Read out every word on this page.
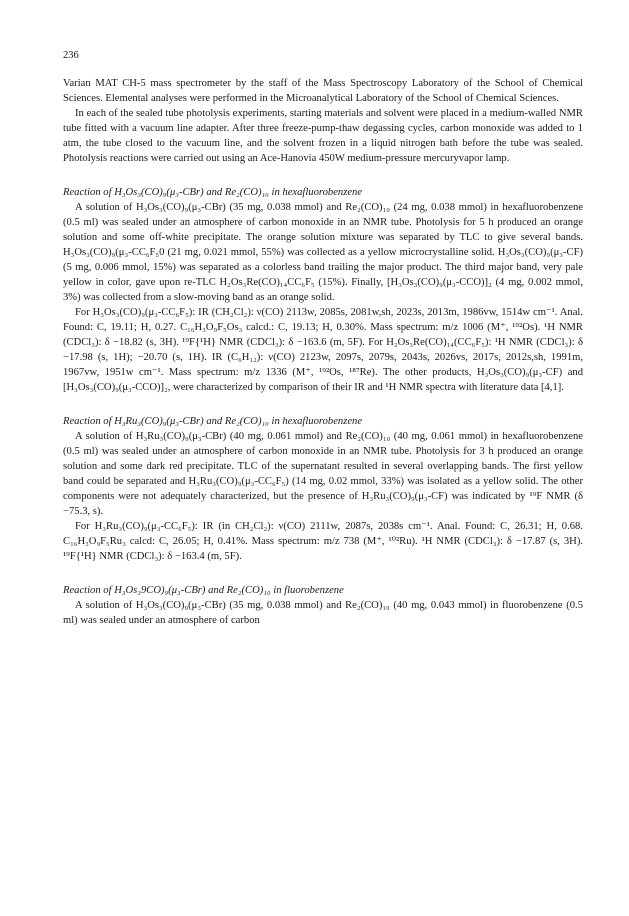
236

Varian MAT CH-5 mass spectrometer by the staff of the Mass Spectroscopy Laboratory of the School of Chemical Sciences. Elemental analyses were performed in the Microanalytical Laboratory of the School of Chemical Sciences.

In each of the sealed tube photolysis experiments, starting materials and solvent were placed in a medium-walled NMR tube fitted with a vacuum line adapter. After three freeze-pump-thaw degassing cycles, carbon monoxide was added to 1 atm, the tube closed to the vacuum line, and the solvent frozen in a liquid nitrogen bath before the tube was sealed. Photolysis reactions were carried out using an Ace-Hanovia 450W medium-pressure mercuryvapor lamp.

Reaction of H₃Os₃(CO)₉(μ₃-CBr) and Re₂(CO)₁₀ in hexafluorobenzene

A solution of H₃Os₃(CO)₉(μ₃-CBr) (35 mg, 0.038 mmol) and Re₂(CO)₁₀ (24 mg, 0.038 mmol) in hexafluorobenzene (0.5 ml) was sealed under an atmosphere of carbon monoxide in an NMR tube. Photolysis for 5 h produced an orange solution and some off-white precipitate. The orange solution mixture was separated by TLC to give several bands. H₃Os₃(CO)₉(μ₃-CC₆F₅0 (21 mg, 0.021 mmol, 55%) was collected as a yellow microcrystalline solid. H₃Os₃(CO)₉(μ₃-CF) (5 mg, 0.006 mmol, 15%) was separated as a colorless band trailing the major product. The third major band, very pale yellow in color, gave upon re-TLC H₂Os₃Re(CO)₁₄CC₆F₅ (15%). Finally, [H₃Os₃(CO)₉(μ₃-CCO)]₂ (4 mg, 0.002 mmol, 3%) was collected from a slow-moving band as an orange solid.

For H₃Os₃(CO)₉(μ₃-CC₆F₅): IR (CH₂Cl₂): ν(CO) 2113w, 2085s, 2081w,sh, 2023s, 2013m, 1986vw, 1514w cm⁻¹. Anal. Found: C, 19.11; H, 0.27. C₁₆H₃O₉F₅Os₃ calcd.: C, 19.13; H, 0.30%. Mass spectrum: m/z 1006 (M⁺, ¹⁹²Os). ¹H NMR (CDCl₃): δ −18.82 (s, 3H). ¹⁹F{¹H} NMR (CDCl₃): δ −163.6 (m, 5F). For H₂Os₃Re(CO)₁₄(CC₆F₅): ¹H NMR (CDCl₃): δ −17.98 (s, 1H); −20.70 (s, 1H). IR (C₆H₁₂): ν(CO) 2123w, 2097s, 2079s, 2043s, 2026vs, 2017s, 2012s,sh, 1991m, 1967vw, 1951w cm⁻¹. Mass spectrum: m/z 1336 (M⁺, ¹⁹²Os, ¹⁸⁷Re). The other products, H₃Os₃(CO)₉(μ₃-CF) and [H₃Os₃(CO)₉(μ₃-CCO)]₂, were characterized by comparison of their IR and ¹H NMR spectra with literature data [4,1].

Reaction of H₃Ru₃(CO)₉(μ₃-CBr) and Re₂(CO)₁₀ in hexafluorobenzene

A solution of H₃Ru₃(CO)₉(μ₃-CBr) (40 mg, 0.061 mmol) and Re₂(CO)₁₀ (40 mg, 0.061 mmol) in hexafluorobenzene (0.5 ml) was sealed under an atmosphere of carbon monoxide in an NMR tube. Photolysis for 3 h produced an orange solution and some dark red precipitate. TLC of the supernatant resulted in several overlapping bands. The first yellow band could be separated and H₃Ru₃(CO)₉(μ₃-CC₆F₅) (14 mg, 0.02 mmol, 33%) was isolated as a yellow solid. The other components were not adequately characterized, but the presence of H₃Ru₃(CO)₉(μ₃-CF) was indicated by ¹⁹F NMR (δ −75.3, s).

For H₃Ru₃(CO)₉(μ₃-CC₆F₅): IR (in CH₂Cl₂): ν(CO) 2111w, 2087s, 2038s cm⁻¹. Anal. Found: C, 26.31; H, 0.68. C₁₆H₃O₉F₅Ru₃ calcd: C, 26.05; H, 0.41%. Mass spectrum: m/z 738 (M⁺, ¹⁰²Ru). ¹H NMR (CDCl₃): δ −17.87 (s, 3H). ¹⁹F{¹H} NMR (CDCl₃): δ −163.4 (m, 5F).

Reaction of H₃Os₃9CO)₉(μ₃-CBr) and Re₂(CO)₁₀ in fluorobenzene

A solution of H₃Os₃(CO)₉(μ₃-CBr) (35 mg, 0.038 mmol) and Re₂(CO)₁₀ (40 mg, 0.043 mmol) in fluorobenzene (0.5 ml) was sealed under an atmosphere of carbon
